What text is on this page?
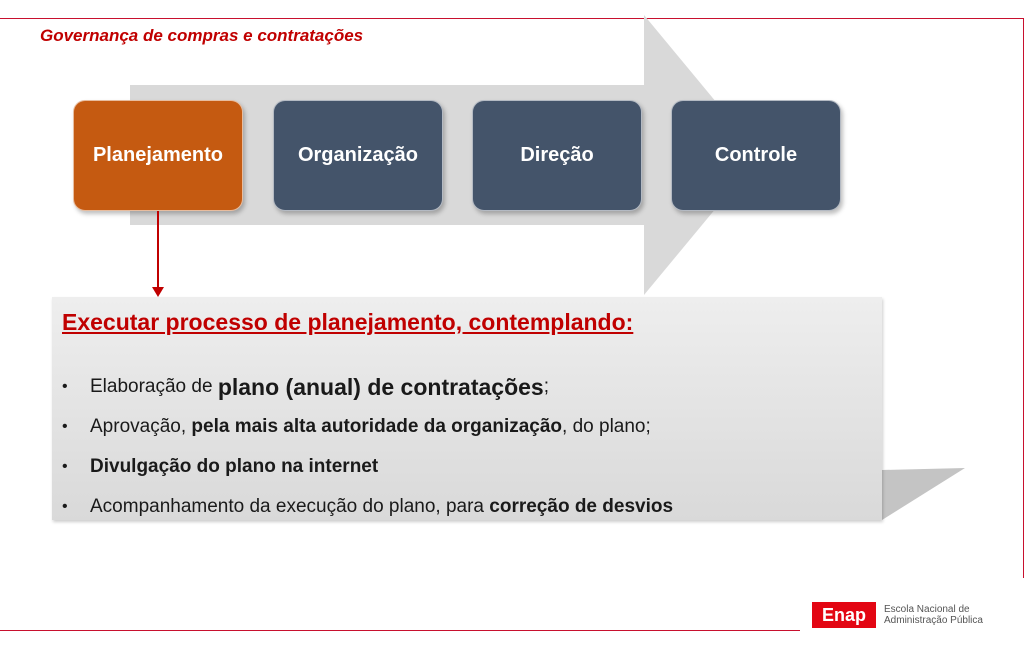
Governança de compras e contratações
Planejamento	Organização	Direção	Controle
Executar processo de planejamento, contemplando:
• Elaboração de
plano (anual) de contratações ;
• Aprovação,
pela mais alta autoridade da organização , do plano;
• Divulgação do plano na internet
• Acompanhamento da execução do plano, para
correção de desvios
Enap	Escola Nacional de
Administração Pública
